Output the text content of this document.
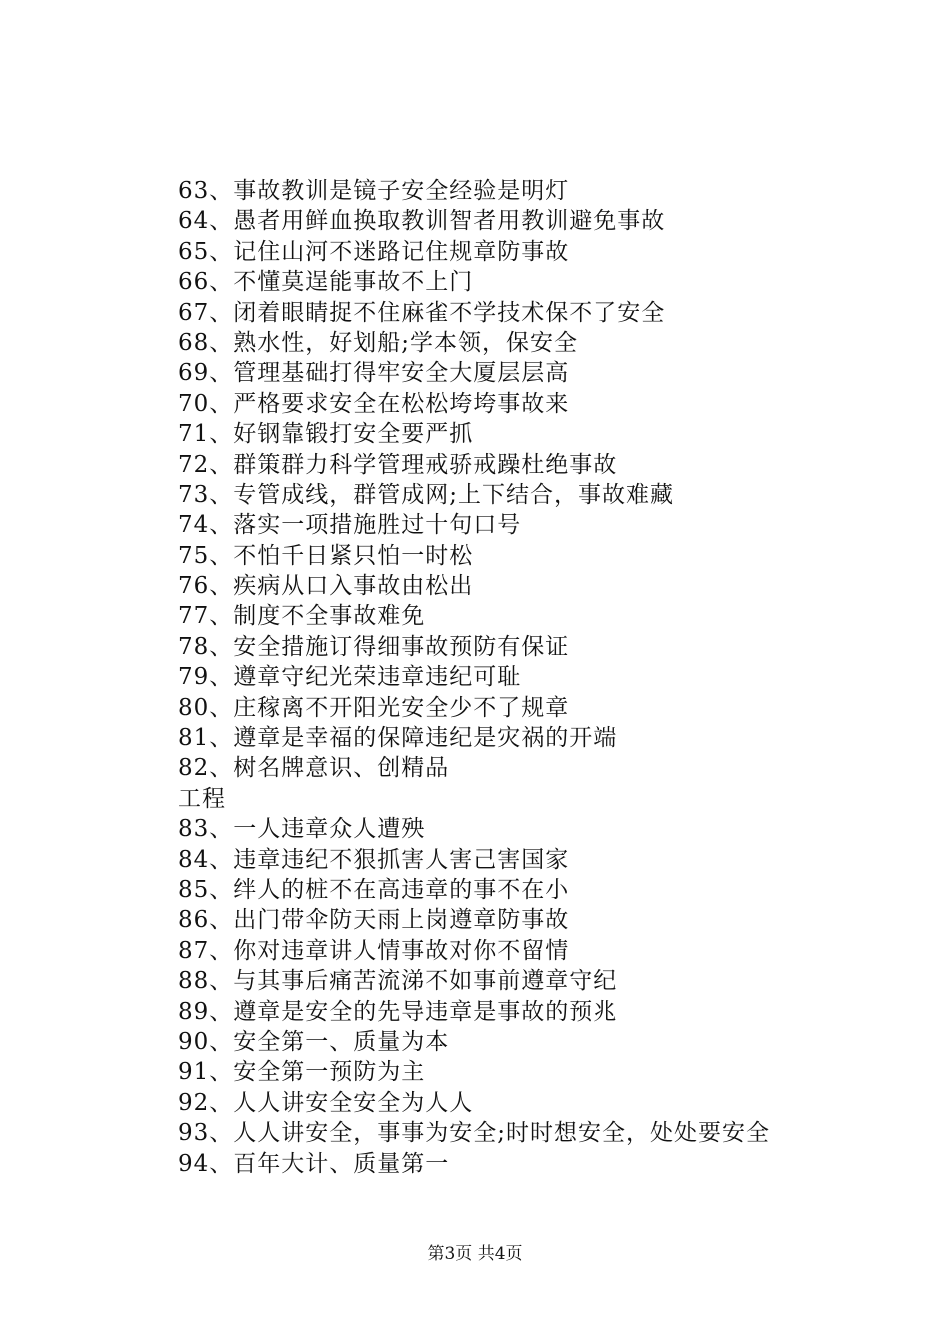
63、事故教训是镜子安全经验是明灯
64、愚者用鲜血换取教训智者用教训避免事故
65、记住山河不迷路记住规章防事故
66、不懂莫逞能事故不上门
67、闭着眼睛捉不住麻雀不学技术保不了安全
68、熟水性，好划船;学本领，保安全
69、管理基础打得牢安全大厦层层高
70、严格要求安全在松松垮垮事故来
71、好钢靠锻打安全要严抓
72、群策群力科学管理戒骄戒躁杜绝事故
73、专管成线，群管成网;上下结合，事故难藏
74、落实一项措施胜过十句口号
75、不怕千日紧只怕一时松
76、疾病从口入事故由松出
77、制度不全事故难免
78、安全措施订得细事故预防有保证
79、遵章守纪光荣违章违纪可耻
80、庄稼离不开阳光安全少不了规章
81、遵章是幸福的保障违纪是灾祸的开端
82、树名牌意识、创精品
工程
83、一人违章众人遭殃
84、违章违纪不狠抓害人害己害国家
85、绊人的桩不在高违章的事不在小
86、出门带伞防天雨上岗遵章防事故
87、你对违章讲人情事故对你不留情
88、与其事后痛苦流涕不如事前遵章守纪
89、遵章是安全的先导违章是事故的预兆
90、安全第一、质量为本
91、安全第一预防为主
92、人人讲安全安全为人人
93、人人讲安全，事事为安全;时时想安全，处处要安全
94、百年大计、质量第一
第3页 共4页
